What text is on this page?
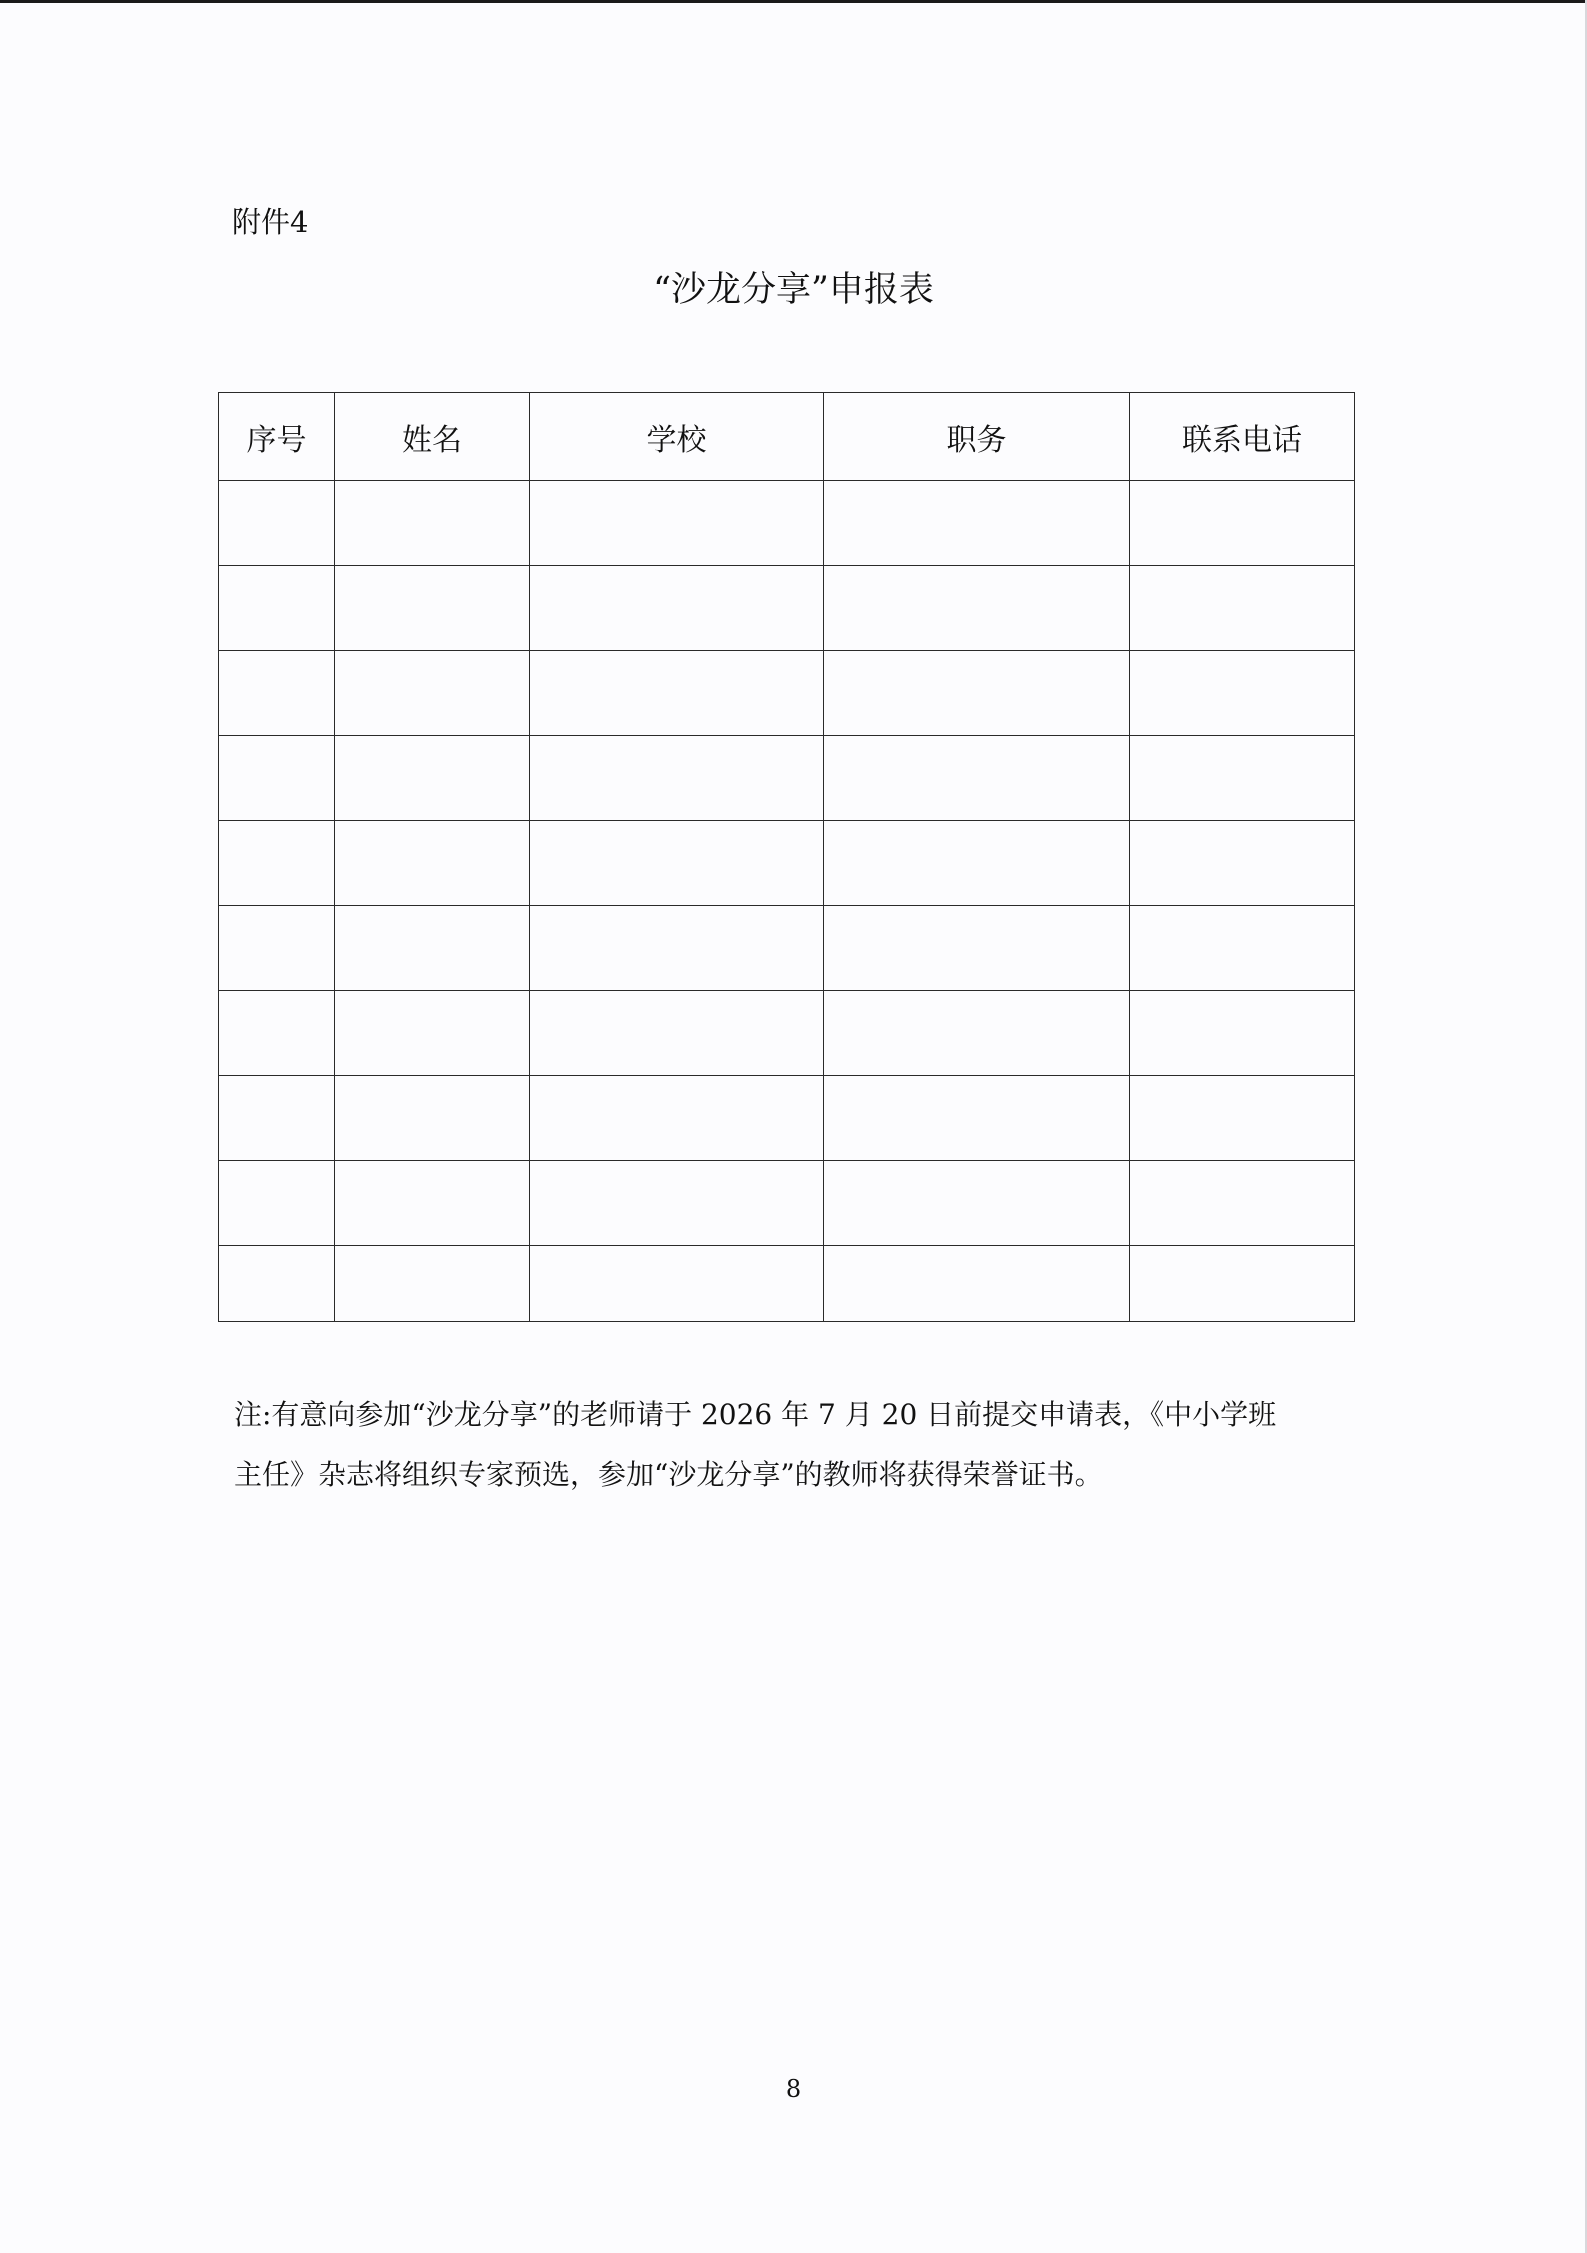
附件4
“沙龙分享”申报表
序号	姓名	学校	职务	联系电话

注:有意向参加“沙龙分享”的老师请于 2026 年 7 月 20 日前提交申请表，《中小学班

主任》杂志将组织专家预选，参加“沙龙分享”的教师将获得荣誉证书。

8
